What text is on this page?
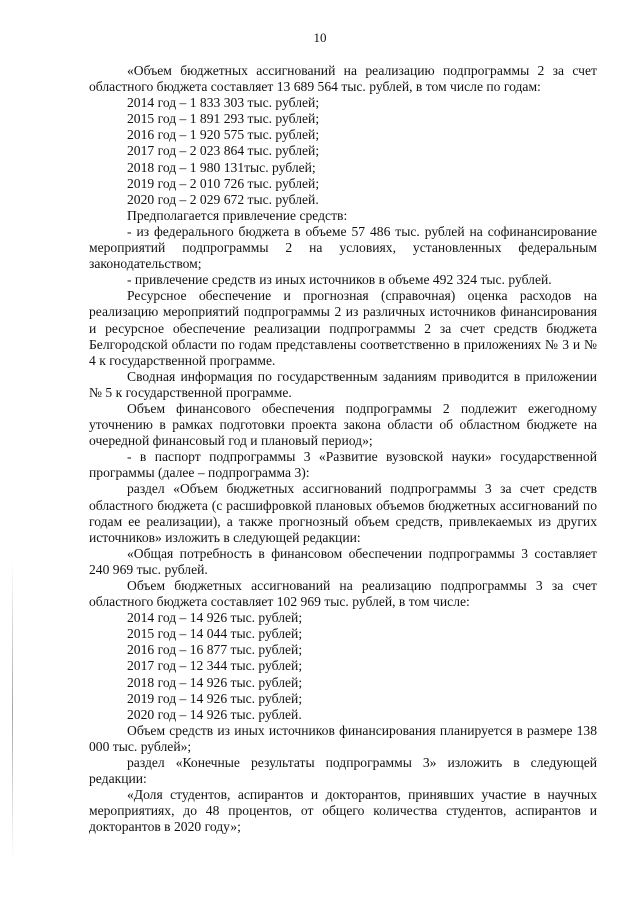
10

«Объем бюджетных ассигнований на реализацию подпрограммы 2 за счет областного бюджета составляет 13 689 564 тыс. рублей, в том числе по годам:

2014 год – 1 833 303 тыс. рублей;

2015 год – 1 891 293 тыс. рублей;

2016 год – 1 920 575 тыс. рублей;

2017 год – 2 023 864 тыс. рублей;

2018 год – 1 980 131тыс. рублей;

2019 год – 2 010 726 тыс. рублей;

2020 год – 2 029 672 тыс. рублей.

Предполагается привлечение средств:

- из федерального бюджета в объеме 57 486 тыс. рублей на софинансирование мероприятий подпрограммы 2 на условиях, установленных федеральным законодательством;

- привлечение средств из иных источников в объеме 492 324 тыс. рублей.

Ресурсное обеспечение и прогнозная (справочная) оценка расходов на реализацию мероприятий подпрограммы 2 из различных источников финансирования и ресурсное обеспечение реализации подпрограммы 2 за счет средств бюджета Белгородской области по годам представлены соответственно в приложениях № 3 и № 4 к государственной программе.

Сводная информация по государственным заданиям приводится в приложении № 5 к государственной программе.

Объем финансового обеспечения подпрограммы 2 подлежит ежегодному уточнению в рамках подготовки проекта закона области об областном бюджете на очередной финансовый год и плановый период»;

- в паспорт подпрограммы 3 «Развитие вузовской науки» государственной программы (далее – подпрограмма 3):

раздел «Объем бюджетных ассигнований подпрограммы 3 за счет средств областного бюджета (с расшифровкой плановых объемов бюджетных ассигнований по годам ее реализации), а также прогнозный объем средств, привлекаемых из других источников» изложить в следующей редакции:

«Общая потребность в финансовом обеспечении подпрограммы 3 составляет 240 969 тыс. рублей.

Объем бюджетных ассигнований на реализацию подпрограммы 3 за счет областного бюджета составляет 102 969 тыс. рублей, в том числе:

2014 год – 14 926 тыс. рублей;

2015 год – 14 044 тыс. рублей;

2016 год – 16 877 тыс. рублей;

2017 год – 12 344 тыс. рублей;

2018 год – 14 926 тыс. рублей;

2019 год – 14 926 тыс. рублей;

2020 год – 14 926 тыс. рублей.

Объем средств из иных источников финансирования планируется в размере 138 000 тыс. рублей»;

раздел «Конечные результаты подпрограммы 3» изложить в следующей редакции:

«Доля студентов, аспирантов и докторантов, принявших участие в научных мероприятиях, до 48 процентов, от общего количества студентов, аспирантов и докторантов в 2020 году»;
